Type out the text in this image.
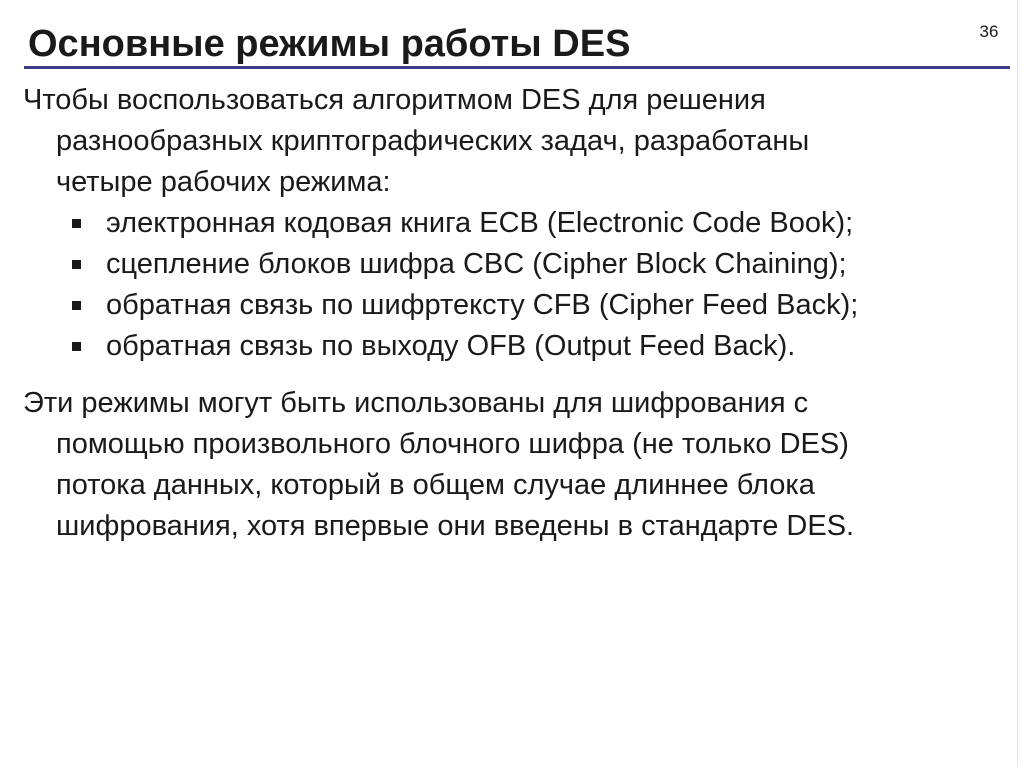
Основные режимы работы DES	36
Чтобы воспользоваться алгоритмом DES для решения
разнообразных криптографических задач, разработаны
четыре рабочих режима:
электронная кодовая книга ECB (Electronic Code Book);
сцепление блоков шифра CBC (Cipher Block Chaining);
обратная связь по шифртексту CFB (Cipher Feed Back);
обратная связь по выходу OFB (Output Feed Back).
Эти режимы могут быть использованы для шифрования с
помощью произвольного блочного шифра (не только DES)
потока данных, который в общем случае длиннее блока
шифрования, хотя впервые они введены в стандарте DES.
